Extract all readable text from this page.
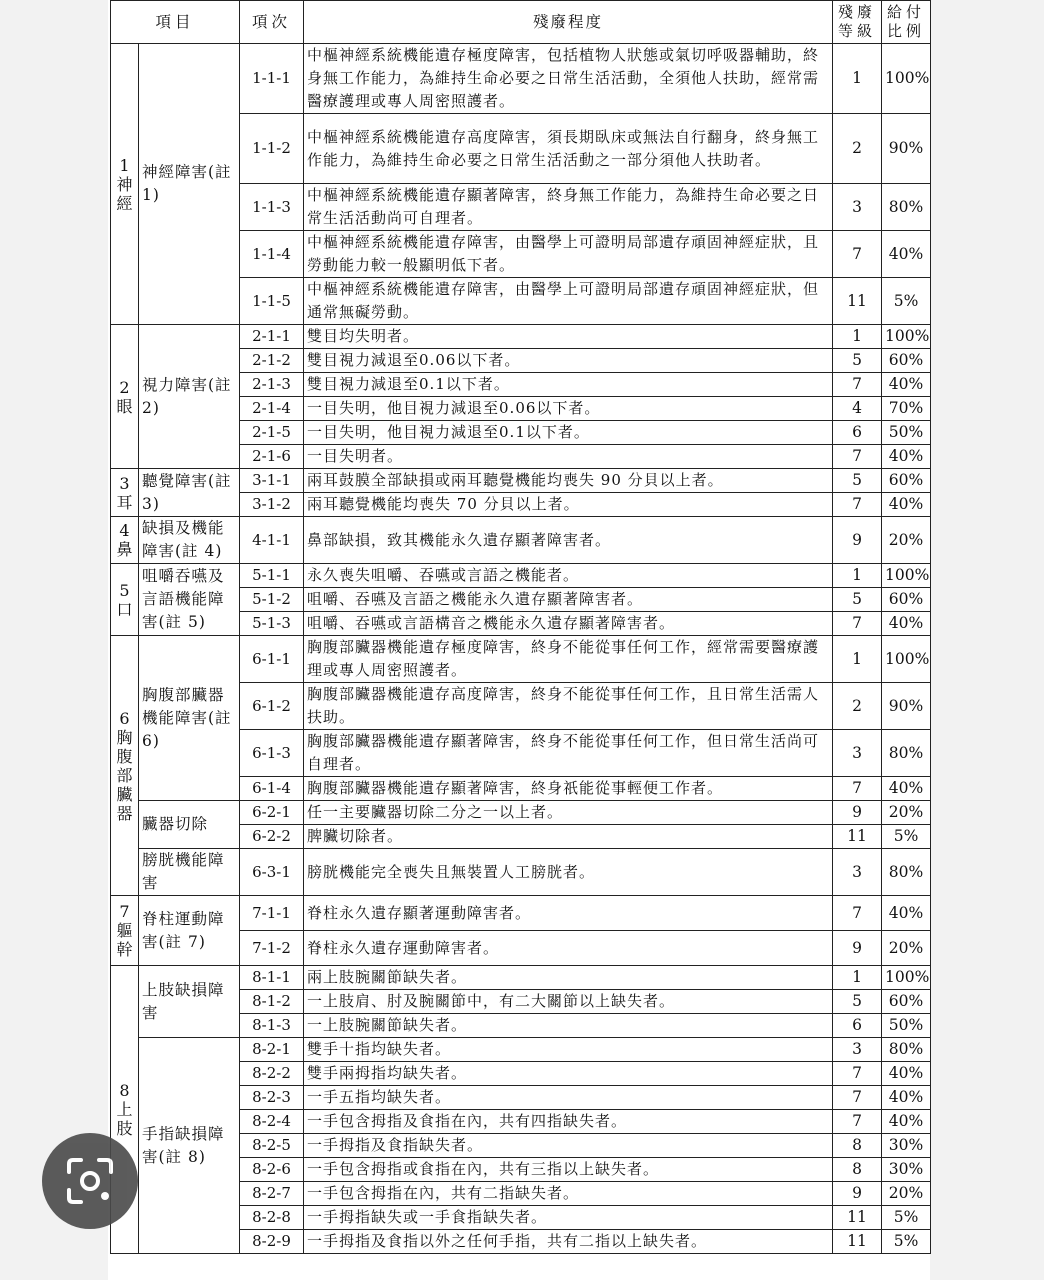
項目		項次	殘廢程度	殘廢等級	給付比例
1神經	神經障害(註 1)	1-1-1	中樞神經系統機能遺存極度障害，包括植物人狀態或氣切呼吸器輔助，終身無工作能力，為維持生命必要之日常生活活動，全須他人扶助，經常需醫療護理或專人周密照護者。	1	100%
		1-1-2	中樞神經系統機能遺存高度障害，須長期臥床或無法自行翻身，終身無工作能力，為維持生命必要之日常生活活動之一部分須他人扶助者。	2	90%
		1-1-3	中樞神經系統機能遺存顯著障害，終身無工作能力，為維持生命必要之日常生活活動尚可自理者。	3	80%
		1-1-4	中樞神經系統機能遺存障害，由醫學上可證明局部遺存頑固神經症狀，且勞動能力較一般顯明低下者。	7	40%
		1-1-5	中樞神經系統機能遺存障害，由醫學上可證明局部遺存頑固神經症狀，但通常無礙勞動。	11	5%
2眼	視力障害(註 2)	2-1-1	雙目均失明者。	1	100%
		2-1-2	雙目視力減退至0.06以下者。	5	60%
		2-1-3	雙目視力減退至0.1以下者。	7	40%
		2-1-4	一目失明，他目視力減退至0.06以下者。	4	70%
		2-1-5	一目失明，他目視力減退至0.1以下者。	6	50%
		2-1-6	一目失明者。	7	40%
3耳	聽覺障害(註 3)	3-1-1	兩耳鼓膜全部缺損或兩耳聽覺機能均喪失 90 分貝以上者。	5	60%
		3-1-2	兩耳聽覺機能均喪失 70 分貝以上者。	7	40%
4鼻	缺損及機能障害(註 4)	4-1-1	鼻部缺損，致其機能永久遺存顯著障害者。	9	20%
5口	咀嚼吞嚥及言語機能障害(註 5)	5-1-1	永久喪失咀嚼、吞嚥或言語之機能者。	1	100%
		5-1-2	咀嚼、吞嚥及言語之機能永久遺存顯著障害者。	5	60%
		5-1-3	咀嚼、吞嚥或言語構音之機能永久遺存顯著障害者。	7	40%
6胸腹部臟器	胸腹部臟器機能障害(註 6)	6-1-1	胸腹部臟器機能遺存極度障害，終身不能從事任何工作，經常需要醫療護理或專人周密照護者。	1	100%
		6-1-2	胸腹部臟器機能遺存高度障害，終身不能從事任何工作，且日常生活需人扶助。	2	90%
		6-1-3	胸腹部臟器機能遺存顯著障害，終身不能從事任何工作，但日常生活尚可自理者。	3	80%
		6-1-4	胸腹部臟器機能遺存顯著障害，終身祇能從事輕便工作者。	7	40%
	臟器切除	6-2-1	任一主要臟器切除二分之一以上者。	9	20%
		6-2-2	脾臟切除者。	11	5%
	膀胱機能障害	6-3-1	膀胱機能完全喪失且無裝置人工膀胱者。	3	80%
7軀幹	脊柱運動障害(註 7)	7-1-1	脊柱永久遺存顯著運動障害者。	7	40%
		7-1-2	脊柱永久遺存運動障害者。	9	20%
8上肢	上肢缺損障害	8-1-1	兩上肢腕關節缺失者。	1	100%
		8-1-2	一上肢肩、肘及腕關節中，有二大關節以上缺失者。	5	60%
		8-1-3	一上肢腕關節缺失者。	6	50%
	手指缺損障害(註 8)	8-2-1	雙手十指均缺失者。	3	80%
		8-2-2	雙手兩拇指均缺失者。	7	40%
		8-2-3	一手五指均缺失者。	7	40%
		8-2-4	一手包含拇指及食指在內，共有四指缺失者。	7	40%
		8-2-5	一手拇指及食指缺失者。	8	30%
		8-2-6	一手包含拇指或食指在內，共有三指以上缺失者。	8	30%
		8-2-7	一手包含拇指在內，共有二指缺失者。	9	20%
		8-2-8	一手拇指缺失或一手食指缺失者。	11	5%
		8-2-9	一手拇指及食指以外之任何手指，共有二指以上缺失者。	11	5%
